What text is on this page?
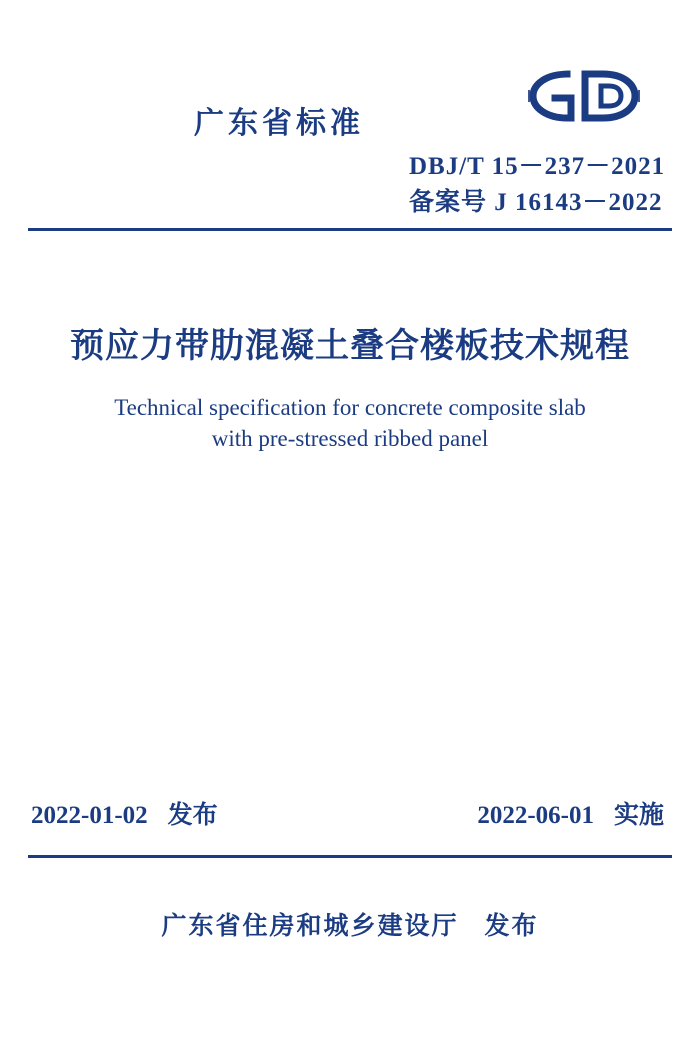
广东省标准
DBJ/T 15－237－2021
备案号 J 16143－2022
预应力带肋混凝土叠合楼板技术规程
Technical specification for concrete composite slab
with pre-stressed ribbed panel
2022-01-02 发布	2022-06-01 实施
广东省住房和城乡建设厅 发布
